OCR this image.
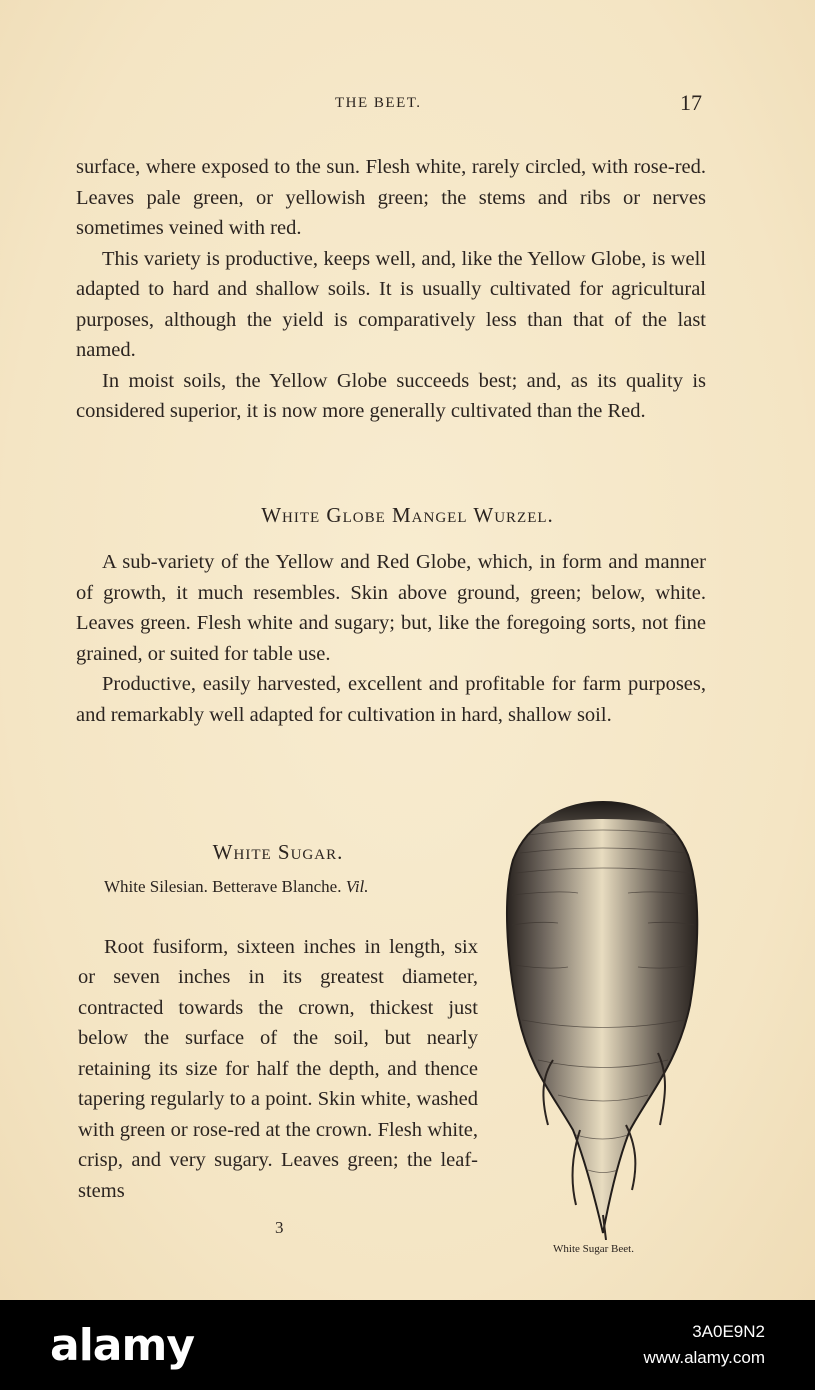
THE BEET.	17

surface, where exposed to the sun. Flesh white, rarely circled, with rose-red. Leaves pale green, or yellowish green; the stems and ribs or nerves sometimes veined with red.

This variety is productive, keeps well, and, like the Yellow Globe, is well adapted to hard and shallow soils. It is usually cultivated for agricultural purposes, although the yield is comparatively less than that of the last named.

In moist soils, the Yellow Globe succeeds best; and, as its quality is considered superior, it is now more generally cultivated than the Red.

White Globe Mangel Wurzel.

A sub-variety of the Yellow and Red Globe, which, in form and manner of growth, it much resembles. Skin above ground, green; below, white. Leaves green. Flesh white and sugary; but, like the foregoing sorts, not fine grained, or suited for table use.

Productive, easily harvested, excellent and profitable for farm purposes, and remarkably well adapted for cultivation in hard, shallow soil.

White Sugar.
White Silesian. Betterave Blanche. Vil.

Root fusiform, sixteen inches in length, six or seven inches in its greatest diameter, contracted towards the crown, thickest just below the surface of the soil, but nearly retaining its size for half the depth, and thence tapering regularly to a point. Skin white, washed with green or rose-red at the crown. Flesh white, crisp, and very sugary. Leaves green; the leaf-stems

3
White Sugar Beet.
alamy	3A0E9N2
www.alamy.com
